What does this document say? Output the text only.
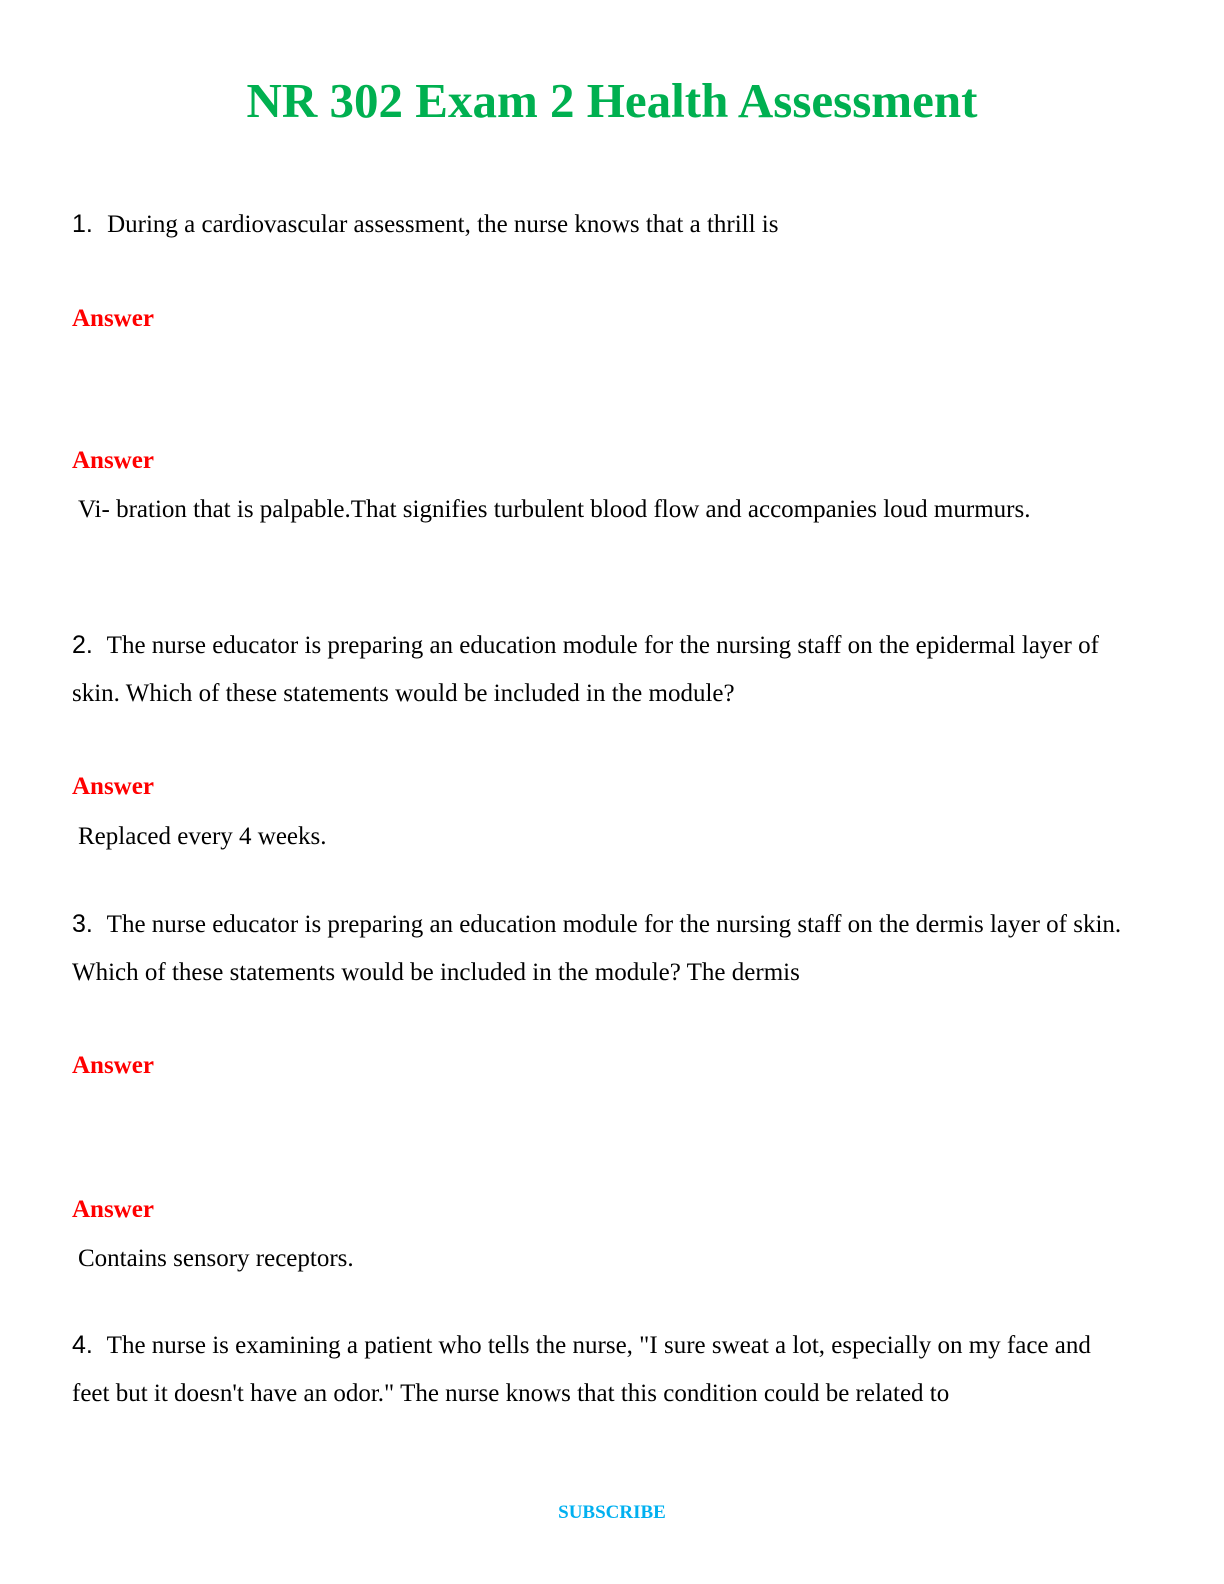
NR 302 Exam 2 Health Assessment
1. During a cardiovascular assessment, the nurse knows that a thrill is
Answer
Answer
Vi- bration that is palpable.That signifies turbulent blood flow and accompanies loud murmurs.
2. The nurse educator is preparing an education module for the nursing staff on the epidermal layer of skin. Which of these statements would be included in the module?
Answer
Replaced every 4 weeks.
3. The nurse educator is preparing an education module for the nursing staff on the dermis layer of skin. Which of these statements would be included in the module? The dermis
Answer
Answer
Contains sensory receptors.
4. The nurse is examining a patient who tells the nurse, "I sure sweat a lot, especially on my face and feet but it doesn't have an odor." The nurse knows that this condition could be related to
SUBSCRIBE
